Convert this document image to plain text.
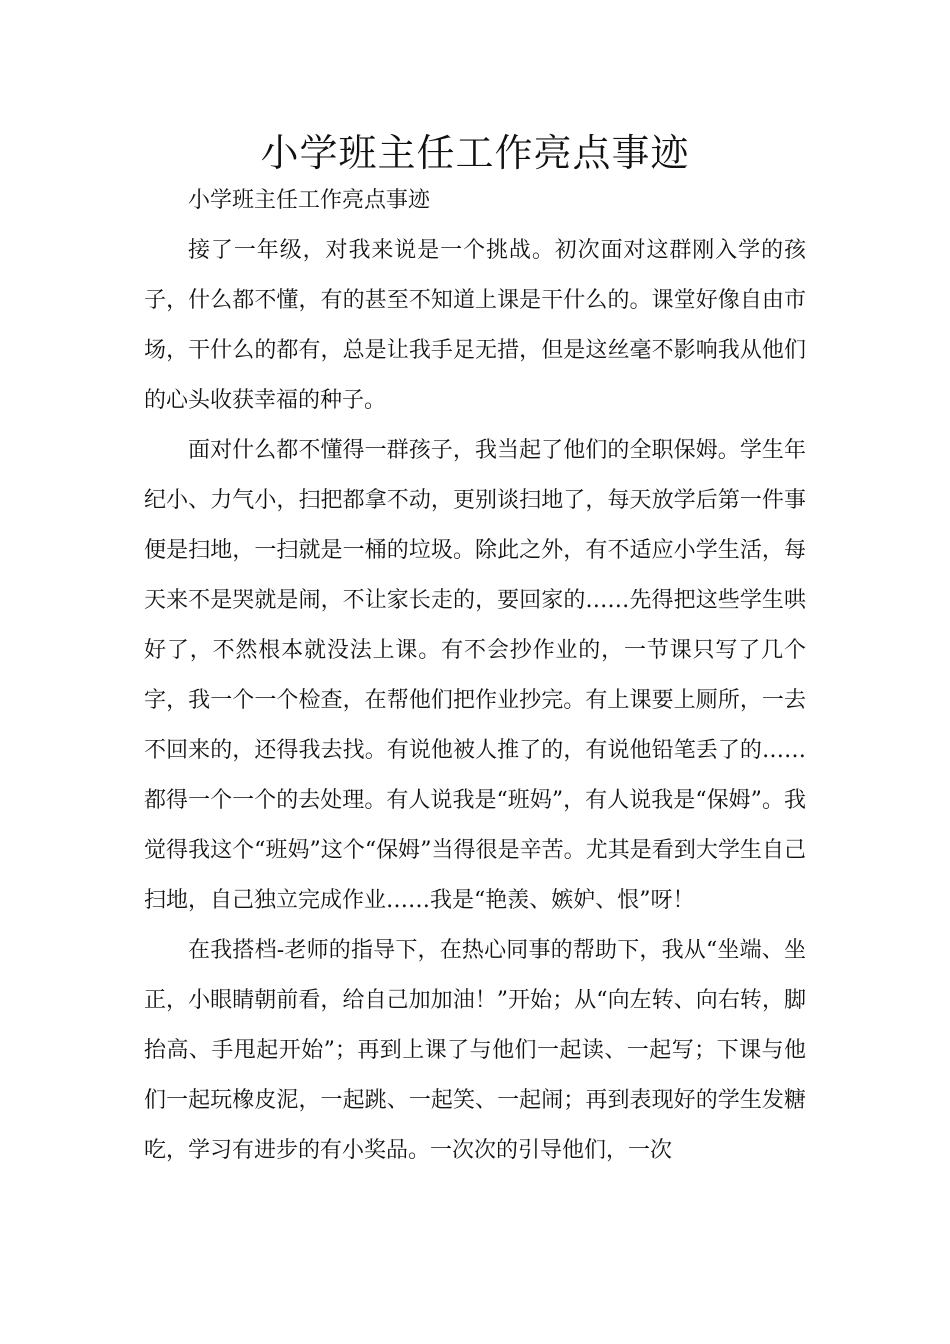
小学班主任工作亮点事迹

小学班主任工作亮点事迹

接了一年级，对我来说是一个挑战。初次面对这群刚入学的孩子，什么都不懂，有的甚至不知道上课是干什么的。课堂好像自由市场，干什么的都有，总是让我手足无措，但是这丝毫不影响我从他们的心头收获幸福的种子。

面对什么都不懂得一群孩子，我当起了他们的全职保姆。学生年纪小、力气小，扫把都拿不动，更别谈扫地了，每天放学后第一件事便是扫地，一扫就是一桶的垃圾。除此之外，有不适应小学生活，每天来不是哭就是闹，不让家长走的，要回家的……先得把这些学生哄好了，不然根本就没法上课。有不会抄作业的，一节课只写了几个字，我一个一个检查，在帮他们把作业抄完。有上课要上厕所，一去不回来的，还得我去找。有说他被人推了的，有说他铅笔丢了的……都得一个一个的去处理。有人说我是“班妈”，有人说我是“保姆”。我觉得我这个“班妈”这个“保姆”当得很是辛苦。尤其是看到大学生自己扫地，自己独立完成作业……我是“艳羡、嫉妒、恨”呀！

在我搭档-老师的指导下，在热心同事的帮助下，我从“坐端、坐正，小眼睛朝前看，给自己加加油！”开始；从“向左转、向右转，脚抬高、手甩起开始”；再到上课了与他们一起读、一起写；下课与他们一起玩橡皮泥，一起跳、一起笑、一起闹；再到表现好的学生发糖吃，学习有进步的有小奖品。一次次的引导他们，一次
